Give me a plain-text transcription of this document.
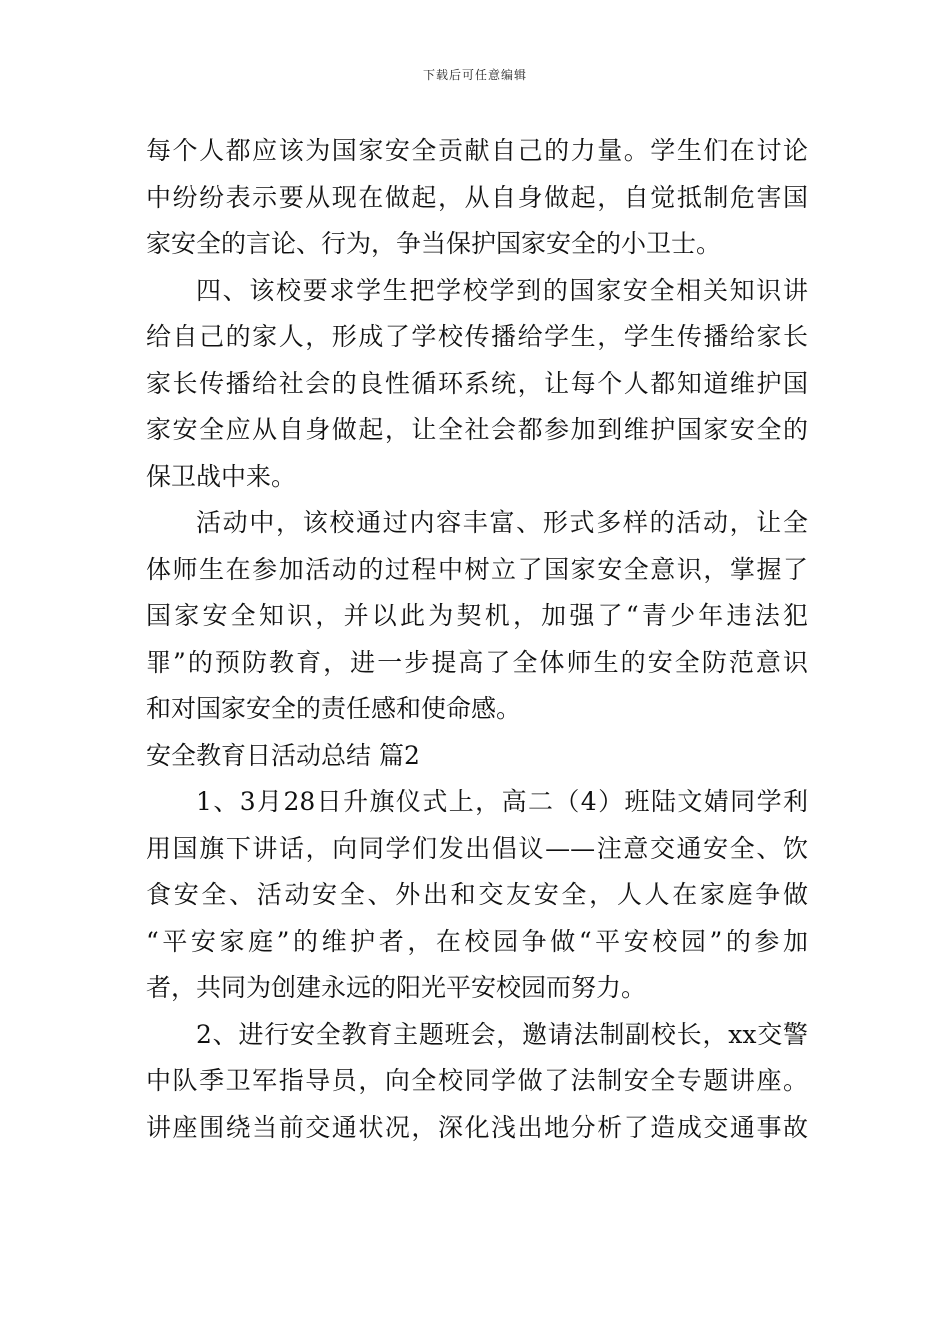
下载后可任意编辑
每个人都应该为国家安全贡献自己的力量。学生们在讨论
中纷纷表示要从现在做起，从自身做起，自觉抵制危害国
家安全的言论、行为，争当保护国家安全的小卫士。
四、该校要求学生把学校学到的国家安全相关知识讲
给自己的家人，形成了学校传播给学生，学生传播给家长
家长传播给社会的良性循环系统，让每个人都知道维护国
家安全应从自身做起，让全社会都参加到维护国家安全的
保卫战中来。
活动中，该校通过内容丰富、形式多样的活动，让全
体师生在参加活动的过程中树立了国家安全意识，掌握了
国家安全知识，并以此为契机，加强了“青少年违法犯
罪”的预防教育，进一步提高了全体师生的安全防范意识
和对国家安全的责任感和使命感。
安全教育日活动总结 篇2
1、3月28日升旗仪式上，高二（4）班陆文婧同学利
用国旗下讲话，向同学们发出倡议——注意交通安全、饮
食安全、活动安全、外出和交友安全，人人在家庭争做
“平安家庭”的维护者，在校园争做“平安校园”的参加
者，共同为创建永远的阳光平安校园而努力。
2、进行安全教育主题班会，邀请法制副校长，xx交警
中队季卫军指导员，向全校同学做了法制安全专题讲座。
讲座围绕当前交通状况，深化浅出地分析了造成交通事故
